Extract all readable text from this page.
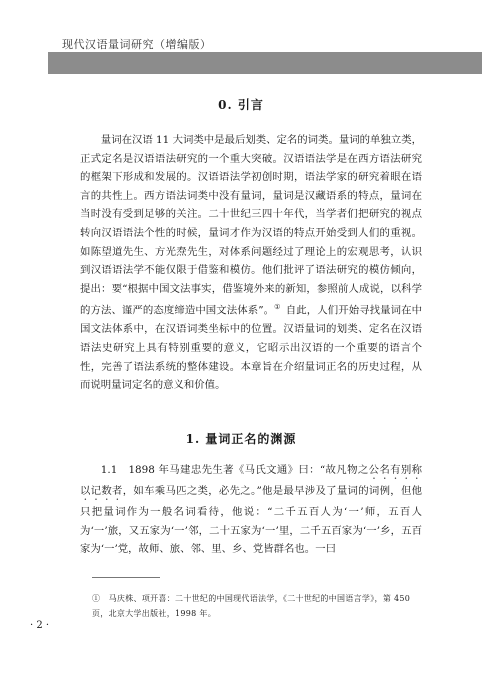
现代汉语量词研究（增编版）
0. 引言

量词在汉语 11 大词类中是最后划类、定名的词类。量词的单独立类，正式定名是汉语语法研究的一个重大突破。汉语语法学是在西方语法研究的框架下形成和发展的。汉语语法学初创时期，语法学家的研究着眼在语言的共性上。西方语法词类中没有量词，量词是汉藏语系的特点，量词在当时没有受到足够的关注。二十世纪三四十年代，当学者们把研究的视点转向汉语语法个性的时候，量词才作为汉语的特点开始受到人们的重视。如陈望道先生、方光焘先生，对体系问题经过了理论上的宏观思考，认识到汉语语法学不能仅限于借鉴和模仿。他们批评了语法研究的模仿倾向，提出：要“根据中国文法事实，借鉴境外来的新知，参照前人成说，以科学的方法、谨严的态度缔造中国文法体系”。①  自此，人们开始寻找量词在中国文法体系中，在汉语词类坐标中的位置。汉语量词的划类、定名在汉语语法史研究上具有特别重要的意义，它昭示出汉语的一个重要的语言个性，完善了语法系统的整体建设。本章旨在介绍量词正名的历史过程，从而说明量词定名的意义和价值。

1. 量词正名的渊源

1.1　1898 年马建忠先生著《马氏文通》曰：“故凡物之公名有别称以记数者，如车乘马匹之类，必先之。”他是最早涉及了量词的词例，但他只把量词作为一般名词看待，他说：“二千五百人为‘一’师，五百人为‘一’旅，又五家为‘一’邻，二十五家为‘一’里，二千五百家为‘一’乡，五百家为‘一’党，故师、旅、邻、里、乡、党皆群名也。一曰

①  马庆株、项开喜：二十世纪的中国现代语法学，《二十世纪的中国语言学》，第 450 页，北京大学出版社，1998 年。
· 2 ·
